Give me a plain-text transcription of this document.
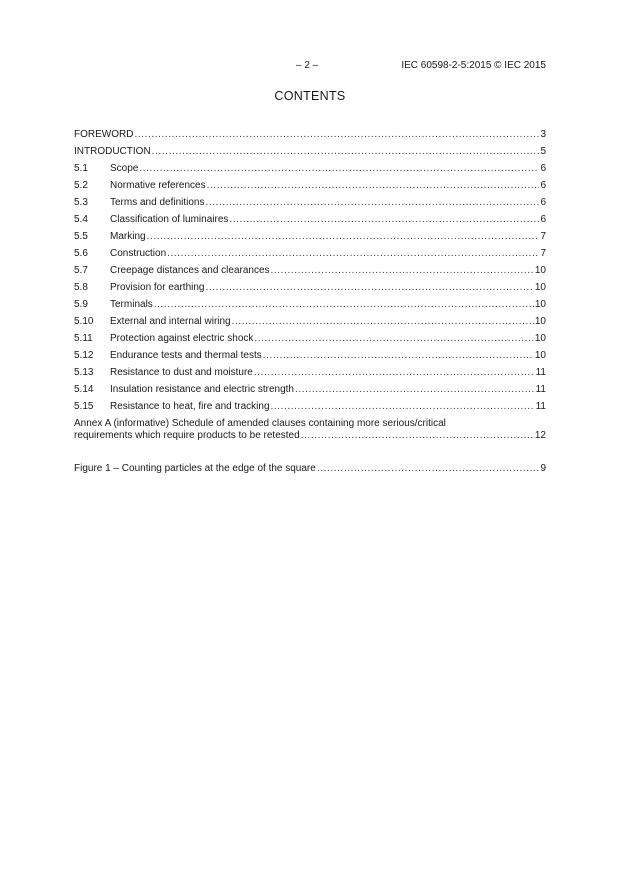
– 2 –	IEC 60598-2-5:2015 © IEC 2015
CONTENTS
FOREWORD .....	3
INTRODUCTION .....	5
5.1	Scope .....	6
5.2	Normative references .....	6
5.3	Terms and definitions .....	6
5.4	Classification of luminaires .....	6
5.5	Marking .....	7
5.6	Construction .....	7
5.7	Creepage distances and clearances .....	10
5.8	Provision for earthing .....	10
5.9	Terminals .....	10
5.10	External and internal wiring .....	10
5.11	Protection against electric shock .....	10
5.12	Endurance tests and thermal tests .....	10
5.13	Resistance to dust and moisture .....	11
5.14	Insulation resistance and electric strength .....	11
5.15	Resistance to heat, fire and tracking .....	11
Annex A (informative) Schedule of amended clauses containing more serious/critical
requirements which require products to be retested .....	12
Figure 1 – Counting particles at the edge of the square .....	9
